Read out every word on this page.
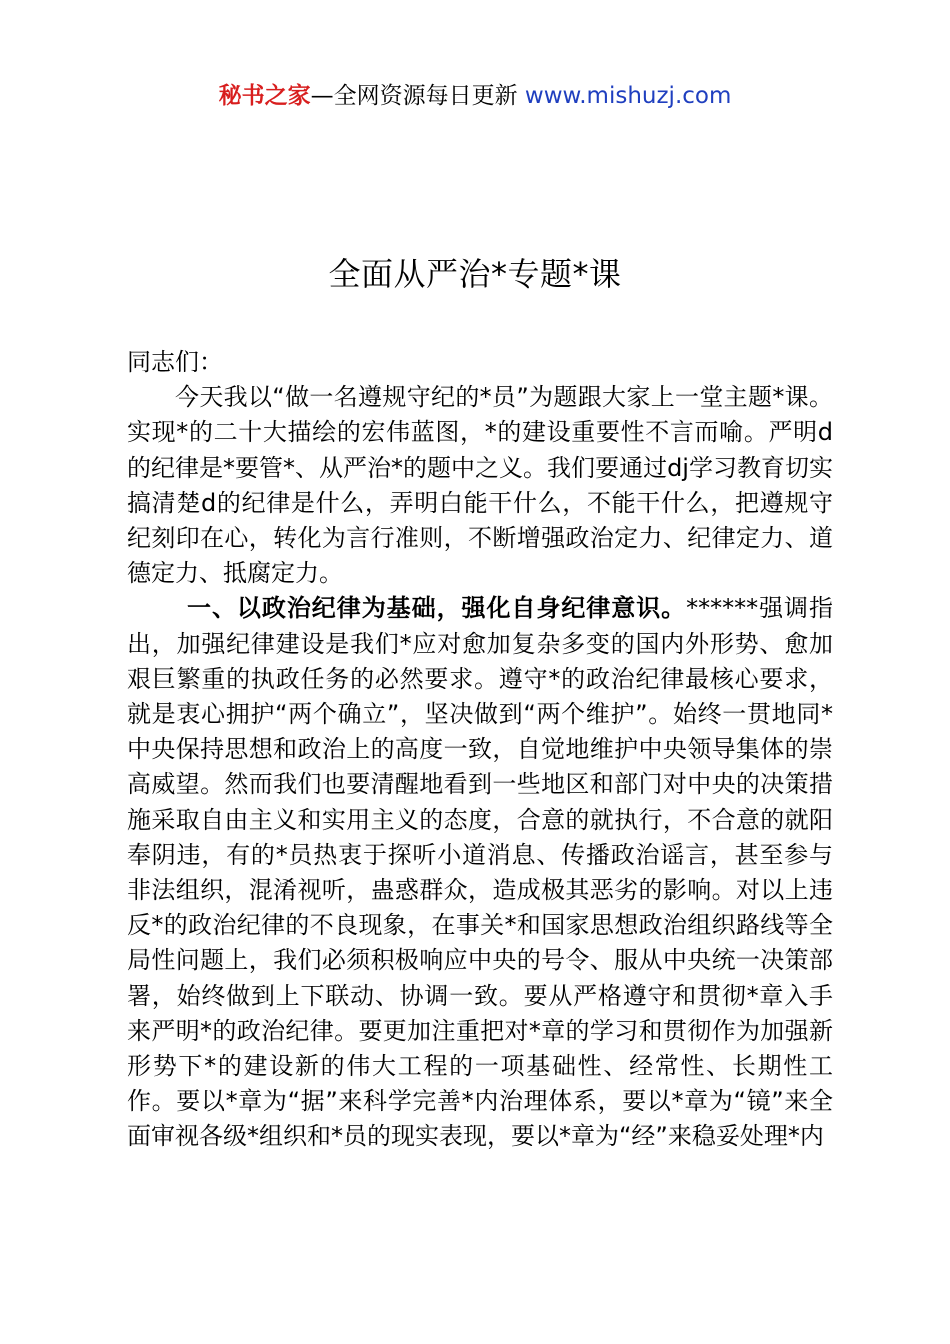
秘书之家—全网资源每日更新 www.mishuzj.com
全面从严治*专题*课

同志们：

今天我以“做一名遵规守纪的*员”为题跟大家上一堂主题*课。实现*的二十大描绘的宏伟蓝图，*的建设重要性不言而喻。严明d的纪律是*要管*、从严治*的题中之义。我们要通过dj学习教育切实搞清楚d的纪律是什么，弄明白能干什么，不能干什么，把遵规守纪刻印在心，转化为言行准则，不断增强政治定力、纪律定力、道德定力、抵腐定力。

一、以政治纪律为基础，强化自身纪律意识。******强调指出，加强纪律建设是我们*应对愈加复杂多变的国内外形势、愈加艰巨繁重的执政任务的必然要求。遵守*的政治纪律最核心要求，就是衷心拥护“两个确立”，坚决做到“两个维护”。始终一贯地同*中央保持思想和政治上的高度一致，自觉地维护中央领导集体的崇高威望。然而我们也要清醒地看到一些地区和部门对中央的决策措施采取自由主义和实用主义的态度，合意的就执行，不合意的就阳奉阴违，有的*员热衷于探听小道消息、传播政治谣言，甚至参与非法组织，混淆视听，蛊惑群众，造成极其恶劣的影响。对以上违反*的政治纪律的不良现象，在事关*和国家思想政治组织路线等全局性问题上，我们必须积极响应中央的号令、服从中央统一决策部署，始终做到上下联动、协调一致。要从严格遵守和贯彻*章入手来严明*的政治纪律。要更加注重把对*章的学习和贯彻作为加强新形势下*的建设新的伟大工程的一项基础性、经常性、长期性工作。要以*章为“据”来科学完善*内治理体系，要以*章为“镜”来全面审视各级*组织和*员的现实表现，要以*章为“经”来稳妥处理*内
